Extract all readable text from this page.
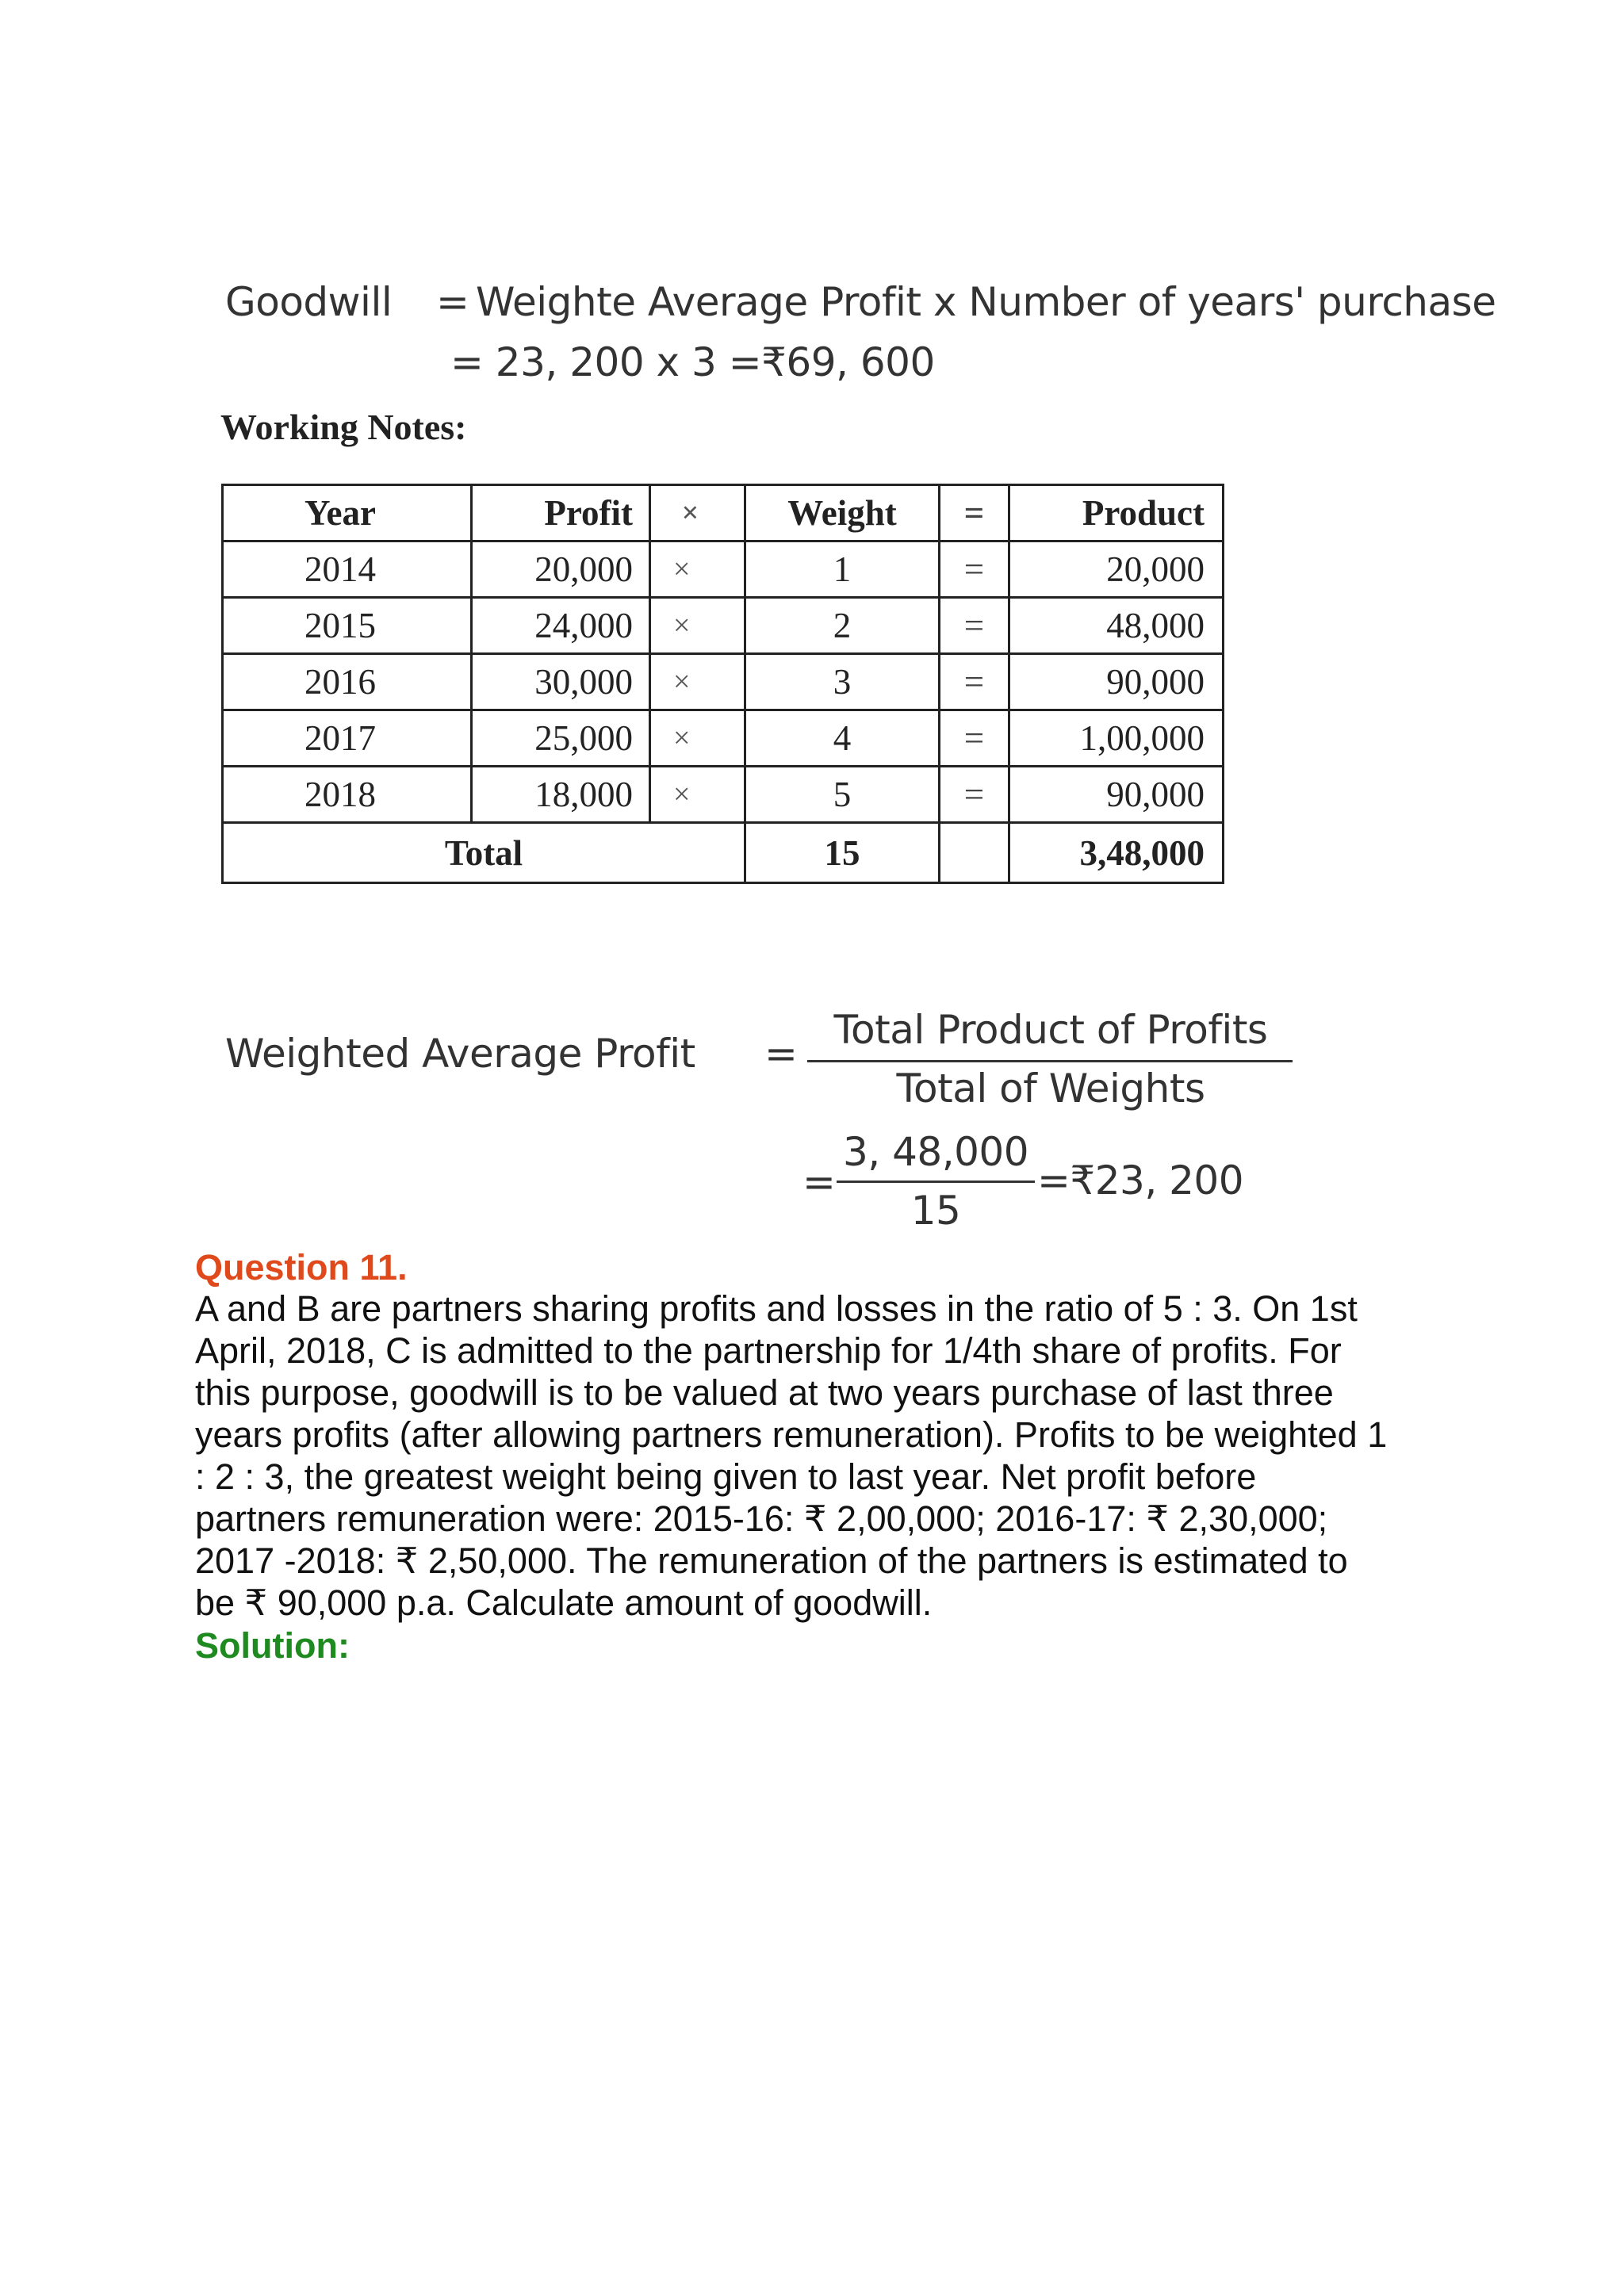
Goodwill = Weighte Average Profit x Number of years' purchase
= 23, 200 x 3 =₹69, 600
Working Notes:
Year	Profit	×	Weight	=	Product
2014	20,000	×	1	=	20,000
2015	24,000	×	2	=	48,000
2016	30,000	×	3	=	90,000
2017	25,000	×	4	=	1,00,000
2018	18,000	×	5	=	90,000
Total			15		3,48,000
Weighted Average Profit =
Total Product of Profits
Total of Weights
=
3, 48,000
15
=₹23, 200
Question 11.
A and B are partners sharing profits and losses in the ratio of 5 : 3. On 1st
April, 2018, C is admitted to the partnership for 1/4th share of profits. For
this purpose, goodwill is to be valued at two years purchase of last three
years profits (after allowing partners remuneration). Profits to be weighted 1
: 2 : 3, the greatest weight being given to last year. Net profit before
partners remuneration were: 2015-16: ₹ 2,00,000; 2016-17: ₹ 2,30,000;
2017 -2018: ₹ 2,50,000. The remuneration of the partners is estimated to
be ₹ 90,000 p.a. Calculate amount of goodwill.
Solution:
